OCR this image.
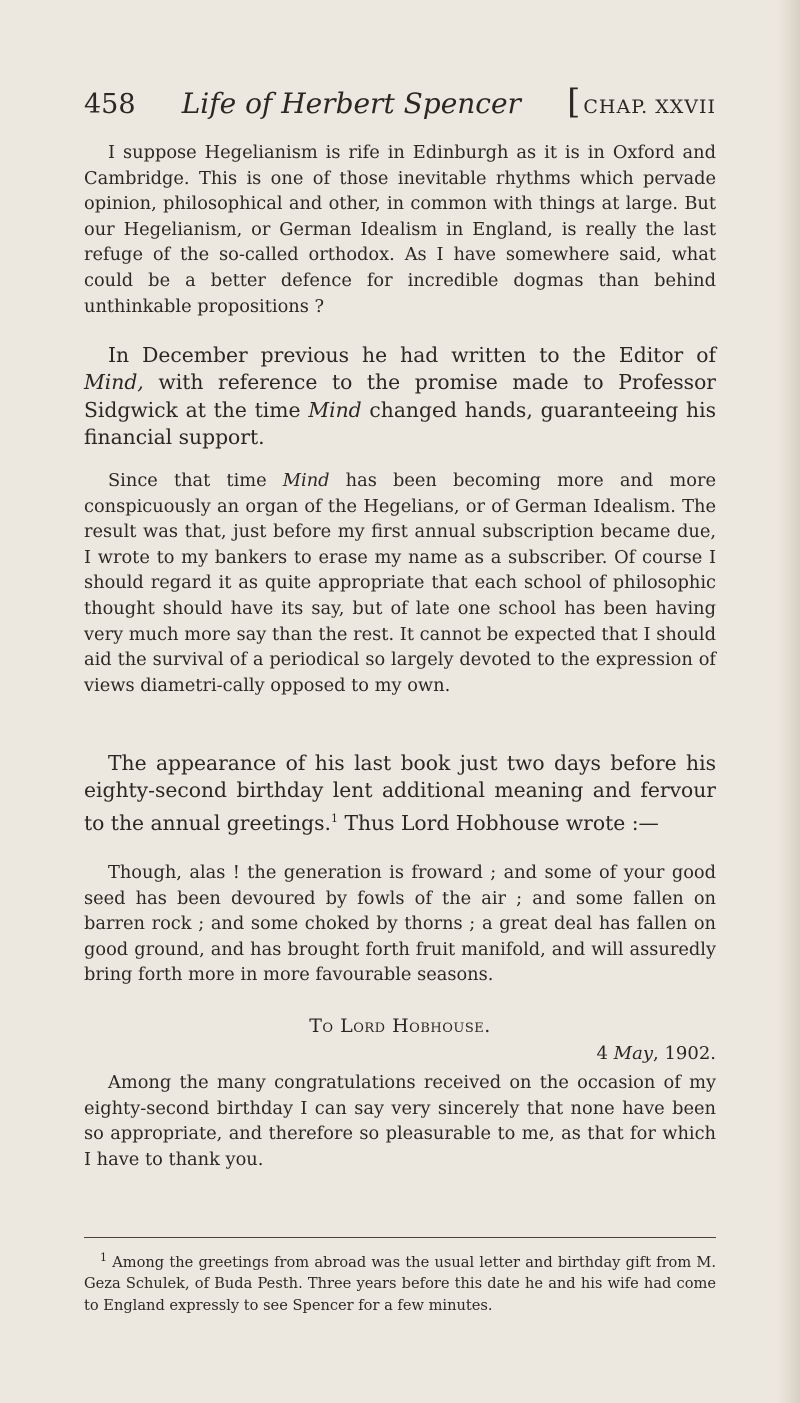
458 Life of Herbert Spencer [ CHAP. XXVII

I suppose Hegelianism is rife in Edinburgh as it is in Oxford and Cambridge. This is one of those inevitable rhythms which pervade opinion, philosophical and other, in common with things at large. But our Hegelianism, or German Idealism in England, is really the last refuge of the so-called orthodox. As I have somewhere said, what could be a better defence for incredible dogmas than behind unthinkable propositions ?

In December previous he had written to the Editor of Mind, with reference to the promise made to Professor Sidgwick at the time Mind changed hands, guaranteeing his financial support.

Since that time Mind has been becoming more and more conspicuously an organ of the Hegelians, or of German Idealism. The result was that, just before my first annual subscription became due, I wrote to my bankers to erase my name as a subscriber. Of course I should regard it as quite appropriate that each school of philosophic thought should have its say, but of late one school has been having very much more say than the rest. It cannot be expected that I should aid the survival of a periodical so largely devoted to the expression of views diametri-cally opposed to my own.

The appearance of his last book just two days before his eighty-second birthday lent additional meaning and fervour to the annual greetings.$^1$ Thus Lord Hobhouse wrote :—

Though, alas ! the generation is froward ; and some of your good seed has been devoured by fowls of the air ; and some fallen on barren rock ; and some choked by thorns ; a great deal has fallen on good ground, and has brought forth fruit manifold, and will assuredly bring forth more in more favourable seasons.

To Lord Hobhouse.

4 May, 1902.

Among the many congratulations received on the occasion of my eighty-second birthday I can say very sincerely that none have been so appropriate, and therefore so pleasurable to me, as that for which I have to thank you.

$^1$ Among the greetings from abroad was the usual letter and birthday gift from M. Geza Schulek, of Buda Pesth. Three years before this date he and his wife had come to England expressly to see Spencer for a few minutes.
